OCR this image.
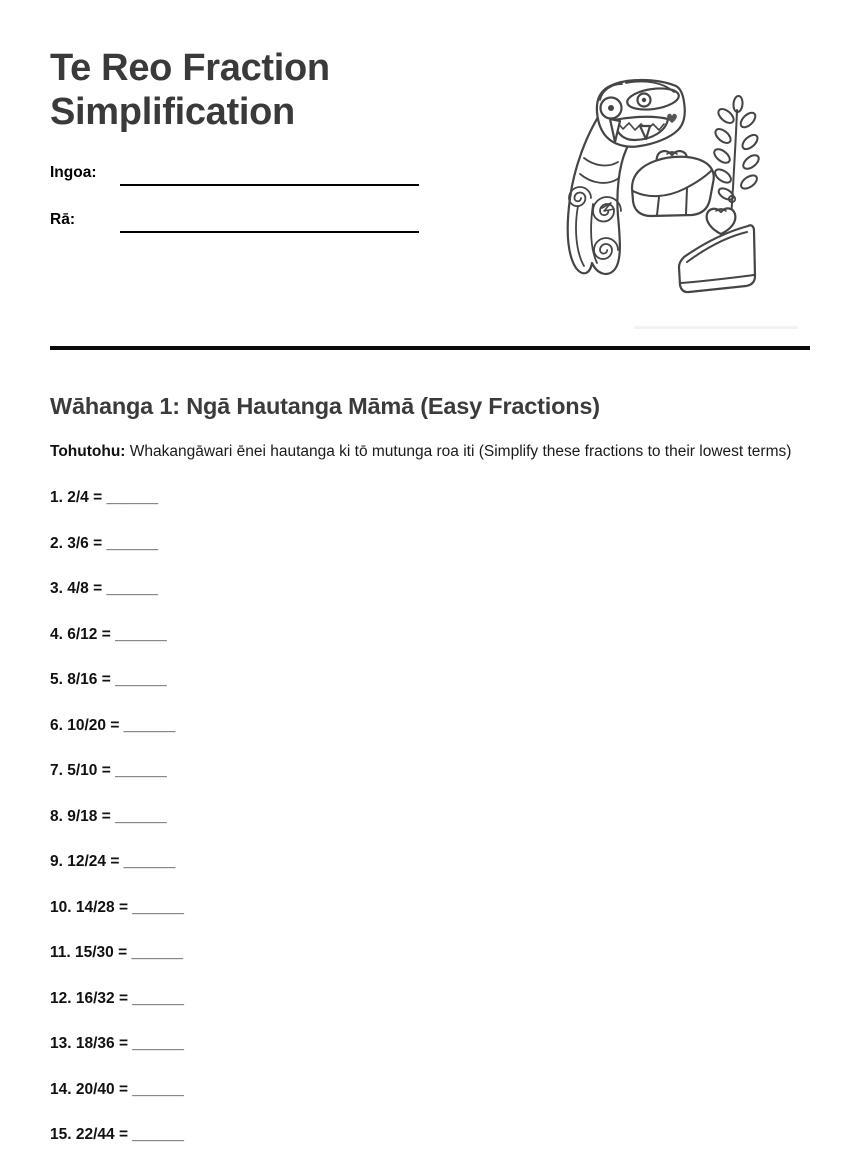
Te Reo Fraction Simplification
Ingoa:
Rā:
Wāhanga 1: Ngā Hautanga Māmā (Easy Fractions)

Tohutohu: Whakangāwari ēnei hautanga ki tō mutunga roa iti (Simplify these fractions to their lowest terms)

1. 2/4 = ______

2. 3/6 = ______

3. 4/8 = ______

4. 6/12 = ______

5. 8/16 = ______

6. 10/20 = ______

7. 5/10 = ______

8. 9/18 = ______

9. 12/24 = ______

10. 14/28 = ______

11. 15/30 = ______

12. 16/32 = ______

13. 18/36 = ______

14. 20/40 = ______

15. 22/44 = ______
